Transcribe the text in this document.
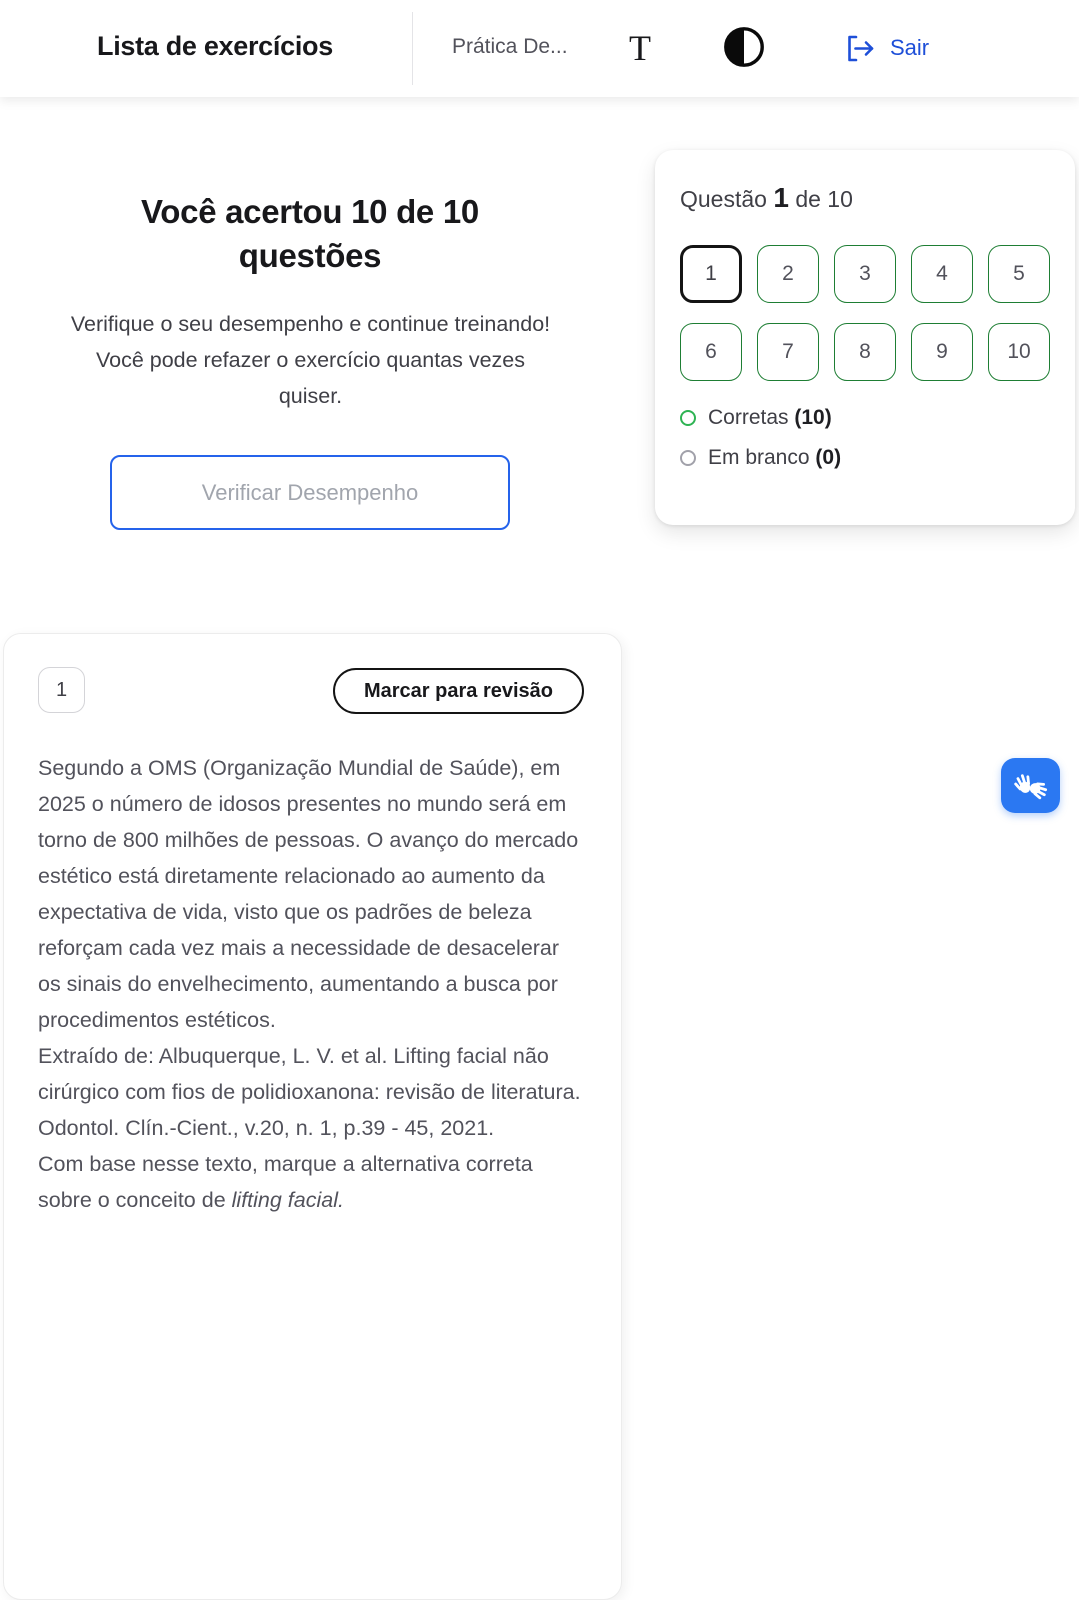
Lista de exercícios	Prática De...	T	Sair
Você acertou 10 de 10 questões

Verifique o seu desempenho e continue treinando! Você pode refazer o exercício quantas vezes quiser.

Verificar Desempenho
Questão 1 de 10
1	2	3	4	5
6	7	8	9	10
Corretas (10)
Em branco (0)
1	Marcar para revisão

Segundo a OMS (Organização Mundial de Saúde), em 2025 o número de idosos presentes no mundo será em torno de 800 milhões de pessoas. O avanço do mercado estético está diretamente relacionado ao aumento da expectativa de vida, visto que os padrões de beleza reforçam cada vez mais a necessidade de desacelerar os sinais do envelhecimento, aumentando a busca por procedimentos estéticos.

Extraído de: Albuquerque, L. V. et al. Lifting facial não cirúrgico com fios de polidioxanona: revisão de literatura. Odontol. Clín.-Cient., v.20, n. 1, p.39 - 45, 2021.

Com base nesse texto, marque a alternativa correta sobre o conceito de lifting facial.
